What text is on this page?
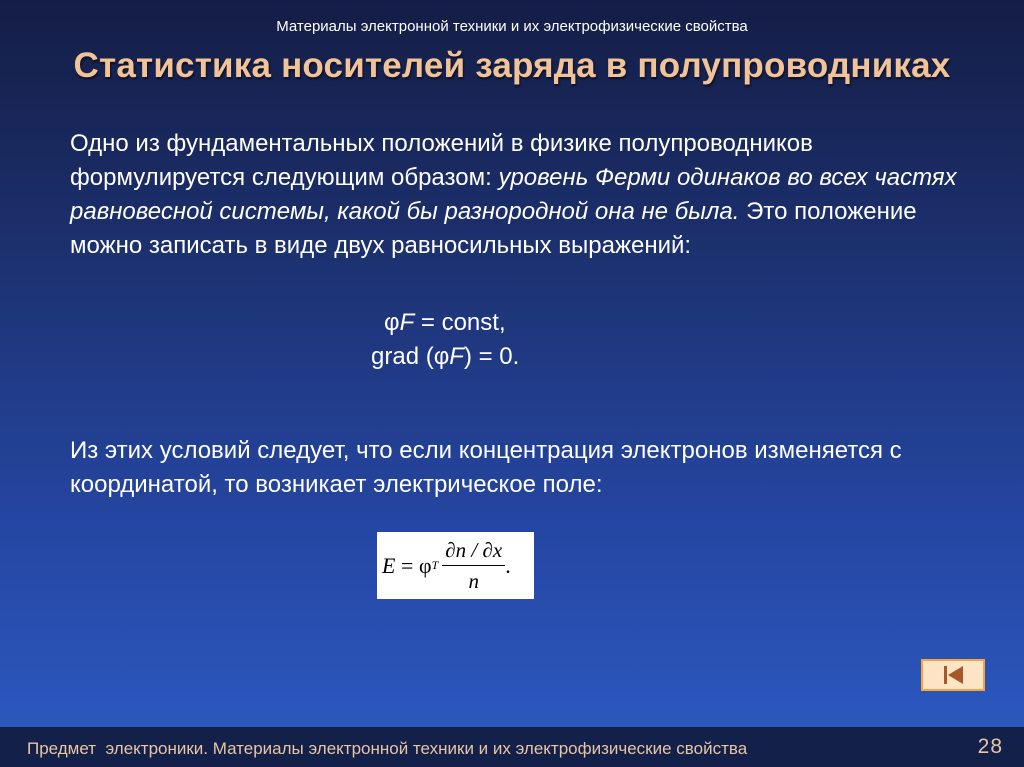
Материалы электронной техники и их электрофизические свойства
Статистика носителей заряда в полупроводниках
Одно из фундаментальных положений в физике полупроводников формулируется следующим образом: уровень Ферми одинаков во всех частях равновесной системы, какой бы разнородной она не была. Это положение можно записать в виде двух равносильных выражений:
φF = const,
grad (φF) = 0.
Из этих условий следует, что если концентрация электронов изменяется с координатой, то возникает электрическое поле:
E = φ T $\frac{\partial n / \partial x}{n}$ .
Предмет  электроники. Материалы электронной техники и их электрофизические свойства	28
